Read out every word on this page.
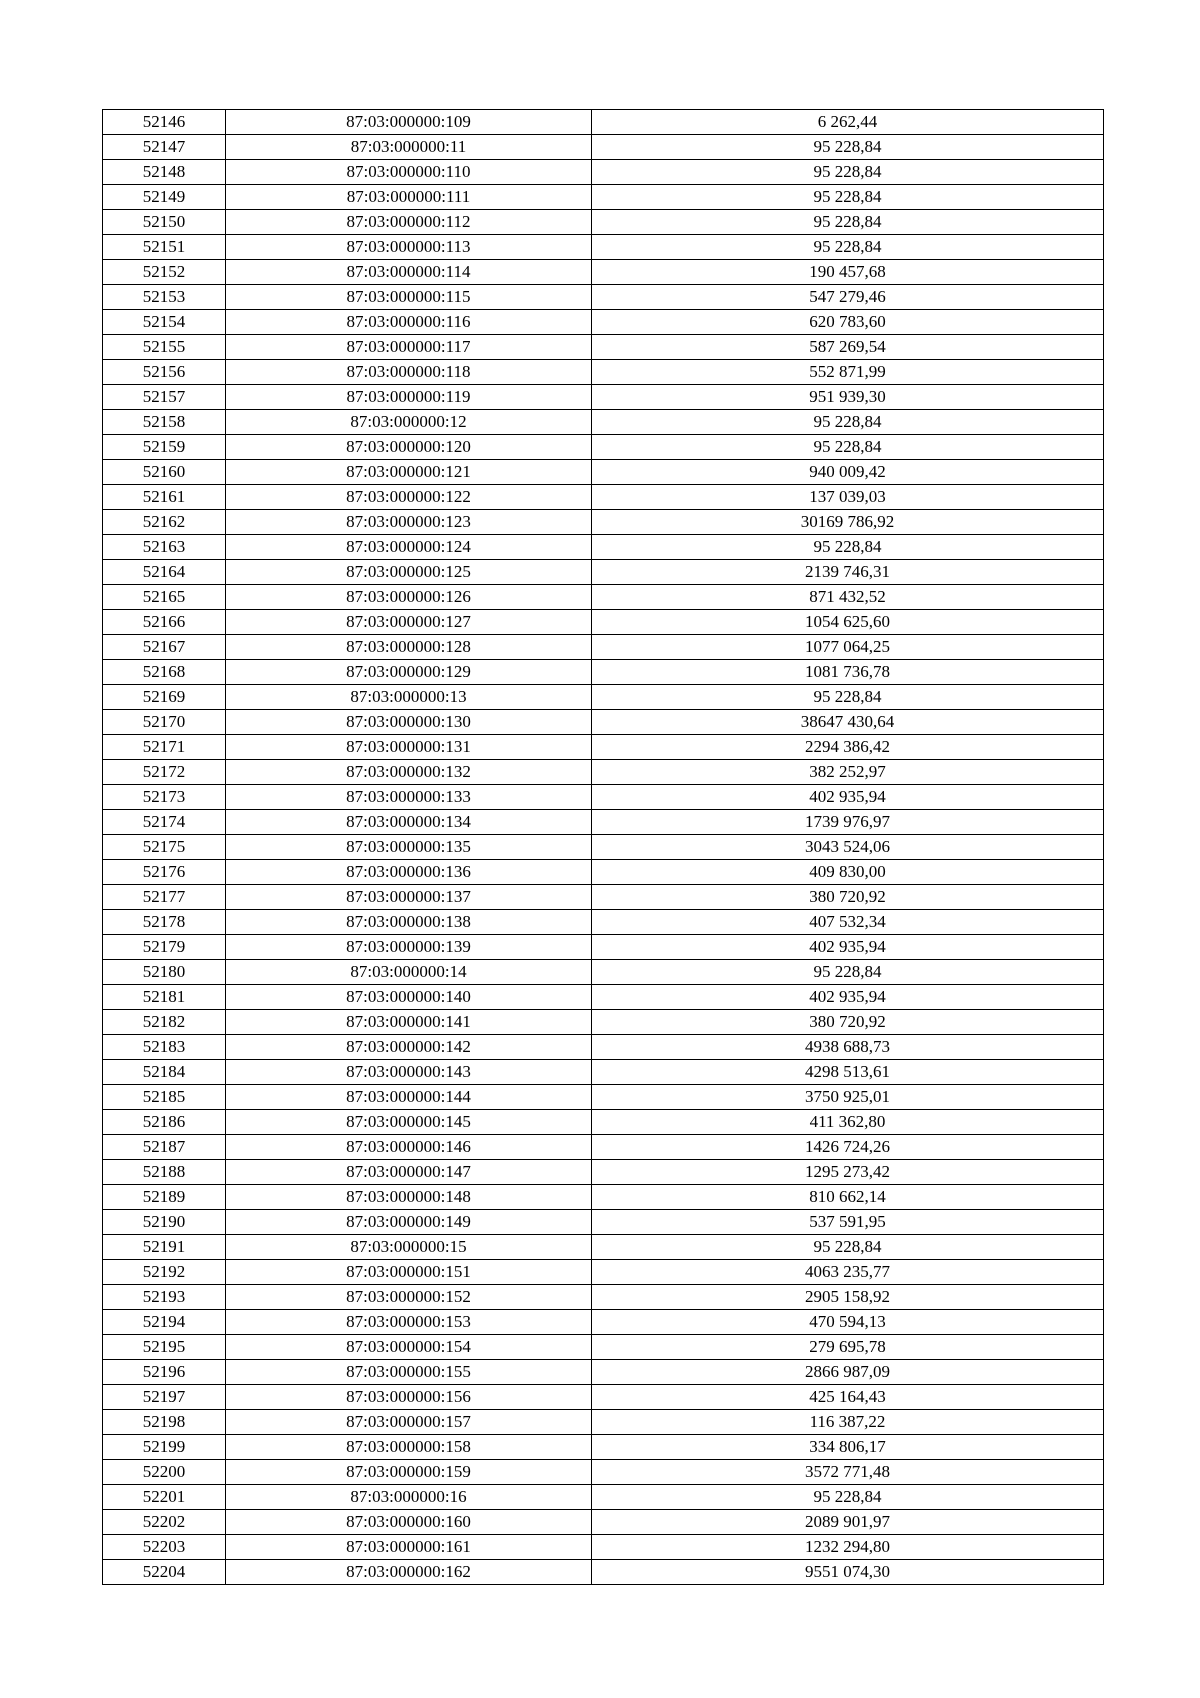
52146	87:03:000000:109	6 262,44
52147	87:03:000000:11	95 228,84
52148	87:03:000000:110	95 228,84
52149	87:03:000000:111	95 228,84
52150	87:03:000000:112	95 228,84
52151	87:03:000000:113	95 228,84
52152	87:03:000000:114	190 457,68
52153	87:03:000000:115	547 279,46
52154	87:03:000000:116	620 783,60
52155	87:03:000000:117	587 269,54
52156	87:03:000000:118	552 871,99
52157	87:03:000000:119	951 939,30
52158	87:03:000000:12	95 228,84
52159	87:03:000000:120	95 228,84
52160	87:03:000000:121	940 009,42
52161	87:03:000000:122	137 039,03
52162	87:03:000000:123	30169 786,92
52163	87:03:000000:124	95 228,84
52164	87:03:000000:125	2139 746,31
52165	87:03:000000:126	871 432,52
52166	87:03:000000:127	1054 625,60
52167	87:03:000000:128	1077 064,25
52168	87:03:000000:129	1081 736,78
52169	87:03:000000:13	95 228,84
52170	87:03:000000:130	38647 430,64
52171	87:03:000000:131	2294 386,42
52172	87:03:000000:132	382 252,97
52173	87:03:000000:133	402 935,94
52174	87:03:000000:134	1739 976,97
52175	87:03:000000:135	3043 524,06
52176	87:03:000000:136	409 830,00
52177	87:03:000000:137	380 720,92
52178	87:03:000000:138	407 532,34
52179	87:03:000000:139	402 935,94
52180	87:03:000000:14	95 228,84
52181	87:03:000000:140	402 935,94
52182	87:03:000000:141	380 720,92
52183	87:03:000000:142	4938 688,73
52184	87:03:000000:143	4298 513,61
52185	87:03:000000:144	3750 925,01
52186	87:03:000000:145	411 362,80
52187	87:03:000000:146	1426 724,26
52188	87:03:000000:147	1295 273,42
52189	87:03:000000:148	810 662,14
52190	87:03:000000:149	537 591,95
52191	87:03:000000:15	95 228,84
52192	87:03:000000:151	4063 235,77
52193	87:03:000000:152	2905 158,92
52194	87:03:000000:153	470 594,13
52195	87:03:000000:154	279 695,78
52196	87:03:000000:155	2866 987,09
52197	87:03:000000:156	425 164,43
52198	87:03:000000:157	116 387,22
52199	87:03:000000:158	334 806,17
52200	87:03:000000:159	3572 771,48
52201	87:03:000000:16	95 228,84
52202	87:03:000000:160	2089 901,97
52203	87:03:000000:161	1232 294,80
52204	87:03:000000:162	9551 074,30
